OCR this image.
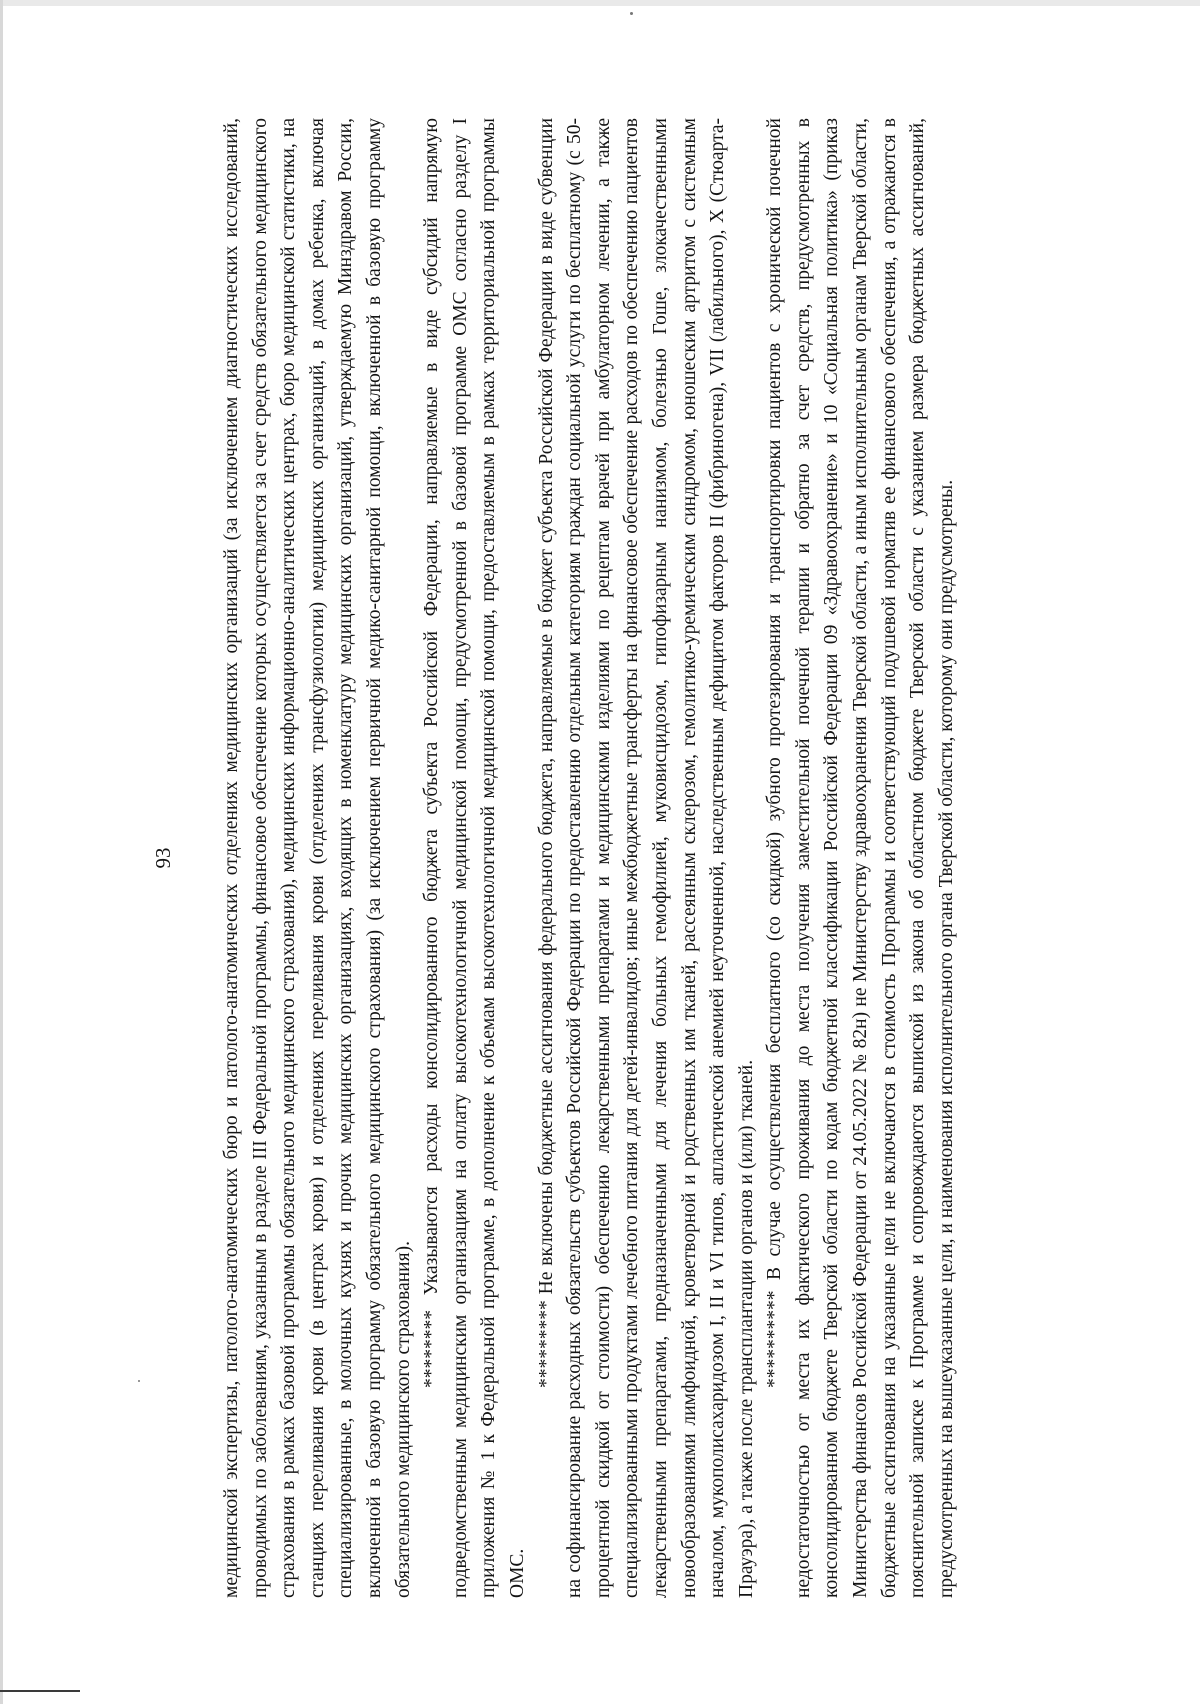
93 медицинской экспертизы, патолого-анатомических бюро и патолого-анатомических отделениях медицинских организаций (за исключением диагностических исследований, проводимых по заболеваниям, указанным в разделе III Федеральной программы, финансовое обеспечение которых осуществляется за счет средств обязательного медицинского страхования в рамках базовой программы обязательного медицинского страхования), медицинских информационно-аналитических центрах, бюро медицинской статистики, на станциях переливания крови (в центрах крови) и отделениях переливания крови (отделениях трансфузиологии) медицинских организаций, в домах ребенка, включая специализированные, в молочных кухнях и прочих медицинских организациях, входящих в номенклатуру медицинских организаций, утверждаемую Минздравом России, включенной в базовую программу обязательного медицинского страхования) (за исключением первичной медико-санитарной помощи, включенной в базовую программу обязательного медицинского страхования).

******** Указываются расходы консолидированного бюджета субъекта Российской Федерации, направляемые в виде субсидий напрямую подведомственным медицинским организациям на оплату высокотехнологичной медицинской помощи, предусмотренной в базовой программе ОМС согласно разделу I приложения № 1 к Федеральной программе, в дополнение к объемам высокотехнологичной медицинской помощи, предоставляемым в рамках территориальной программы ОМС.

********* Не включены бюджетные ассигнования федерального бюджета, направляемые в бюджет субъекта Российской Федерации в виде субвенции на софинансирование расходных обязательств субъектов Российской Федерации по предоставлению отдельным категориям граждан социальной услуги по бесплатному (с 50-процентной скидкой от стоимости) обеспечению лекарственными препаратами и медицинскими изделиями по рецептам врачей при амбулаторном лечении, а также специализированными продуктами лечебного питания для детей-инвалидов; иные межбюджетные трансферты на финансовое обеспечение расходов по обеспечению пациентов лекарственными препаратами, предназначенными для лечения больных гемофилией, муковисцидозом, гипофизарным нанизмом, болезнью Гоше, злокачественными новообразованиями лимфоидной, кроветворной и родственных им тканей, рассеянным склерозом, гемолитико-уремическим синдромом, юношеским артритом с системным началом, мукополисахаридозом I, II и VI типов, апластической анемией неуточненной, наследственным дефицитом факторов II (фибриногена), VII (лабильного), X (Стюарта-Прауэра), а также после трансплантации органов и (или) тканей. ********** В случае осуществления бесплатного (со скидкой) зубного протезирования и транспортировки пациентов с хронической почечной недостаточностью от места их фактического проживания до места получения заместительной почечной терапии и обратно за счет средств, предусмотренных в консолидированном бюджете Тверской области по кодам бюджетной классификации Российской Федерации 09 «Здравоохранение» и 10 «Социальная политика» (приказ Министерства финансов Российской Федерации от 24.05.2022 № 82н) не Министерству здравоохранения Тверской области, а иным исполнительным органам Тверской области, бюджетные ассигнования на указанные цели не включаются в стоимость Программы и соответствующий подушевой норматив ее финансового обеспечения, а отражаются в пояснительной записке к Программе и сопровождаются выпиской из закона об областном бюджете Тверской области с указанием размера бюджетных ассигнований, предусмотренных на вышеуказанные цели, и наименования исполнительного органа Тверской области, которому они предусмотрены.
